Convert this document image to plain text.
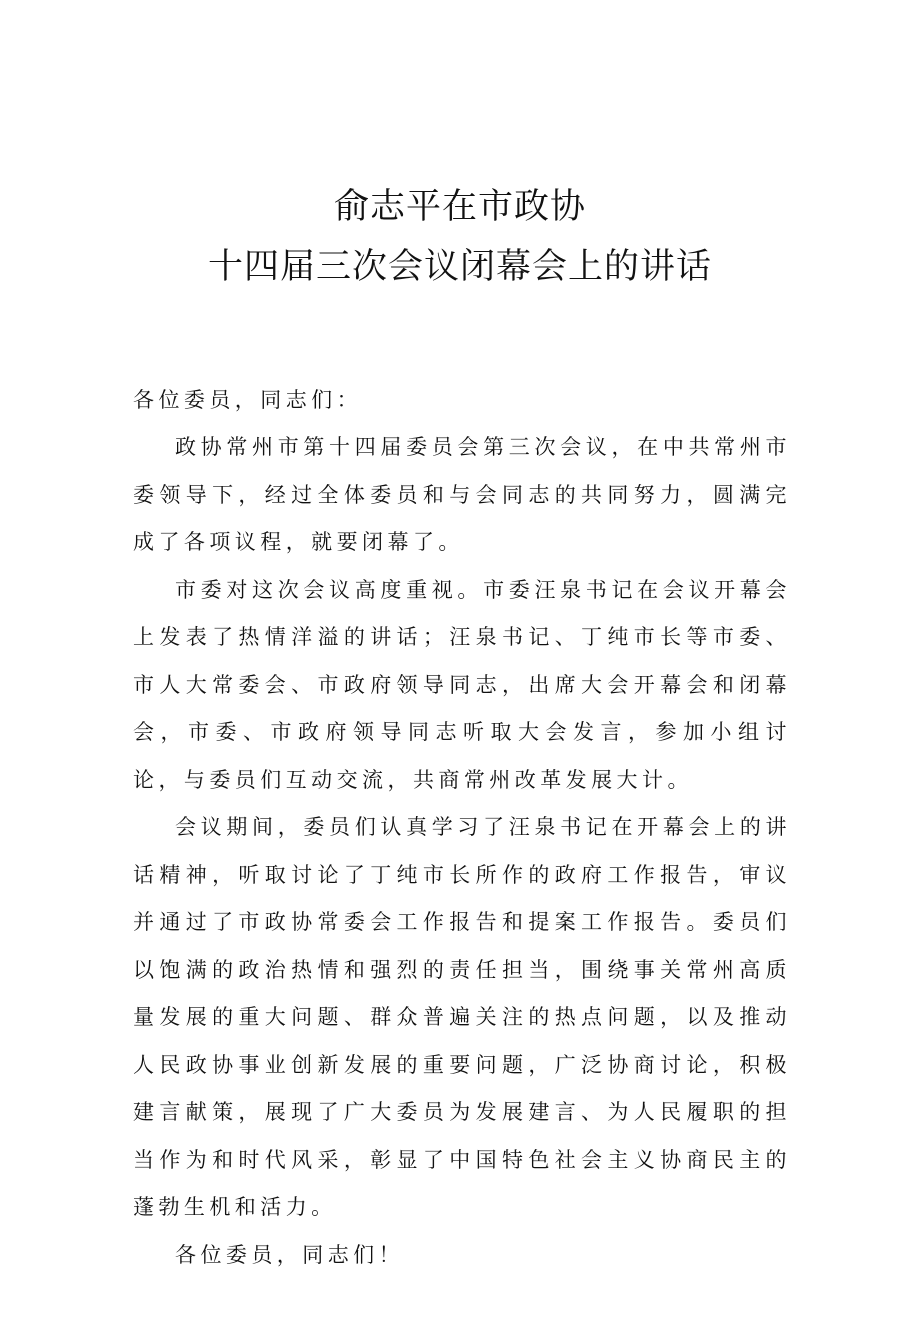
俞志平在市政协
十四届三次会议闭幕会上的讲话
各位委员，同志们：

政协常州市第十四届委员会第三次会议，在中共常州市委领导下，经过全体委员和与会同志的共同努力，圆满完成了各项议程，就要闭幕了。

市委对这次会议高度重视。市委汪泉书记在会议开幕会上发表了热情洋溢的讲话；汪泉书记、丁纯市长等市委、市人大常委会、市政府领导同志，出席大会开幕会和闭幕会，市委、市政府领导同志听取大会发言，参加小组讨论，与委员们互动交流，共商常州改革发展大计。

会议期间，委员们认真学习了汪泉书记在开幕会上的讲话精神，听取讨论了丁纯市长所作的政府工作报告，审议并通过了市政协常委会工作报告和提案工作报告。委员们以饱满的政治热情和强烈的责任担当，围绕事关常州高质量发展的重大问题、群众普遍关注的热点问题，以及推动人民政协事业创新发展的重要问题，广泛协商讨论，积极建言献策，展现了广大委员为发展建言、为人民履职的担当作为和时代风采，彰显了中国特色社会主义协商民主的蓬勃生机和活力。

各位委员，同志们！
